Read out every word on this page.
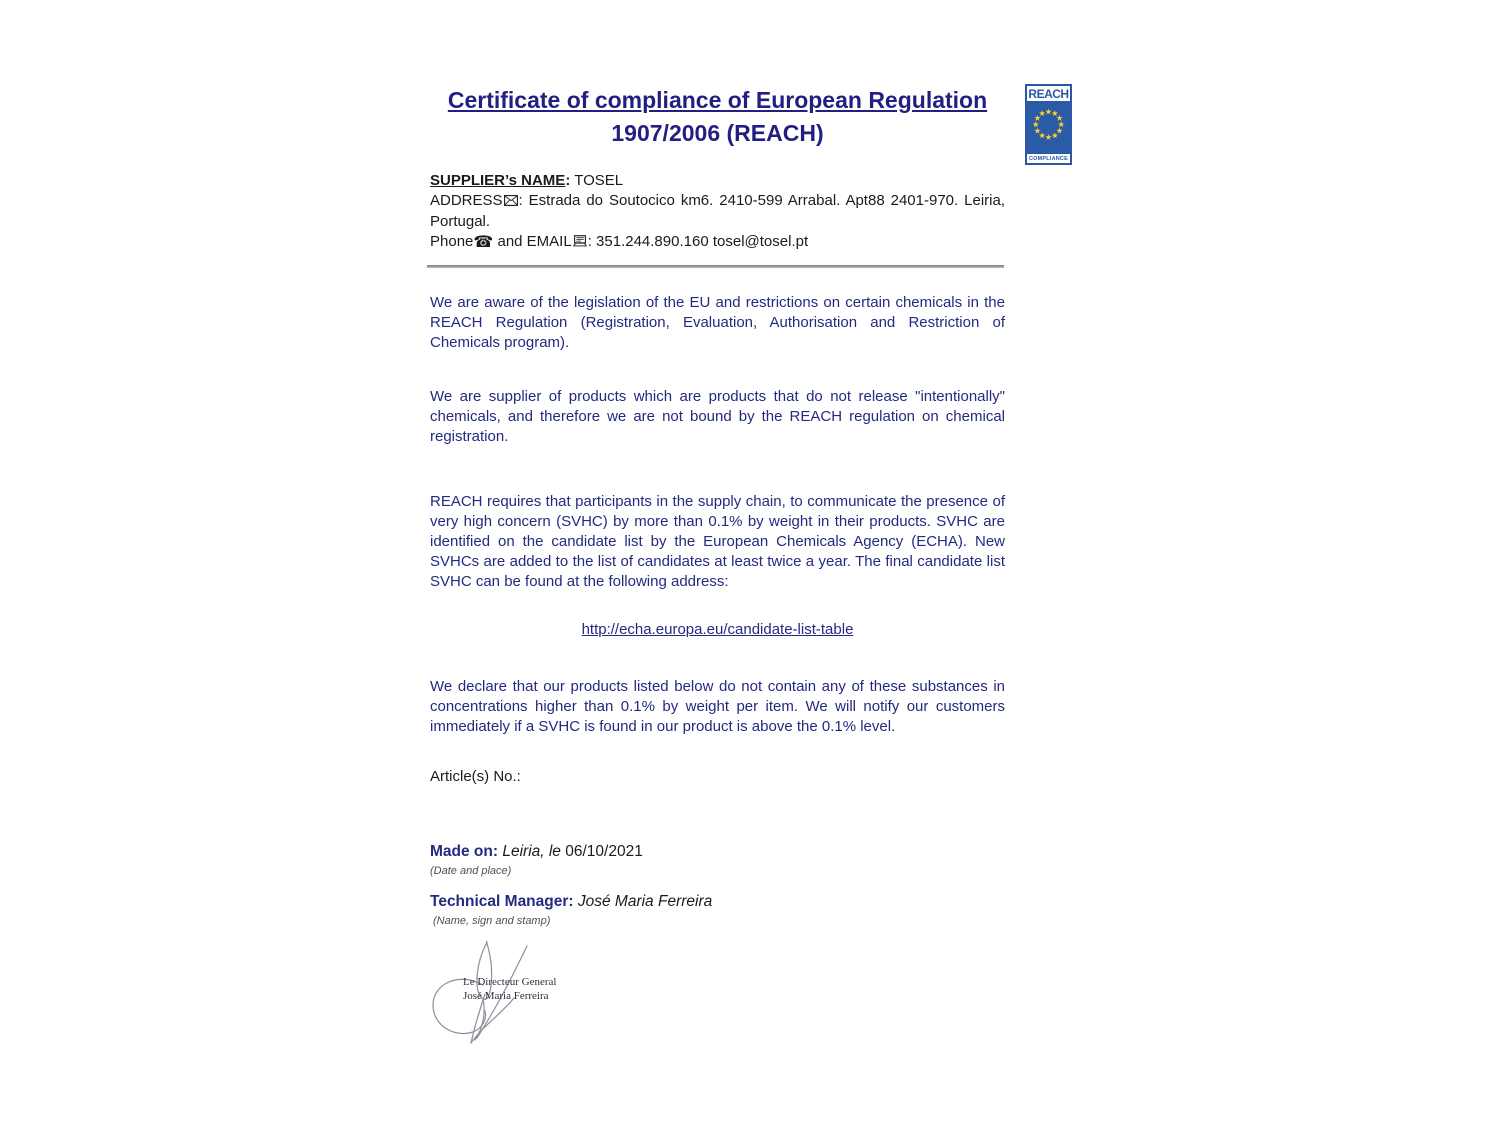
Certificate of compliance of European Regulation
1907/2006 (REACH)
REACH
COMPLIANCE
SUPPLIER’s NAME: TOSEL
ADDRESS : Estrada do Soutocico km6. 2410-599 Arrabal. Apt88 2401-970. Leiria, Portugal.
Phone☎ and EMAIL : 351.244.890.160 tosel@tosel.pt

We are aware of the legislation of the EU and restrictions on certain chemicals in the REACH Regulation (Registration, Evaluation, Authorisation and Restriction of Chemicals program).

We are supplier of products which are products that do not release "intentionally" chemicals, and therefore we are not bound by the REACH regulation on chemical registration.

REACH requires that participants in the supply chain, to communicate the presence of very high concern (SVHC) by more than 0.1% by weight in their products. SVHC are identified on the candidate list by the European Chemicals Agency (ECHA). New SVHCs are added to the list of candidates at least twice a year. The final candidate list SVHC can be found at the following address:

http://echa.europa.eu/candidate-list-table

We declare that our products listed below do not contain any of these substances in concentrations higher than 0.1% by weight per item. We will notify our customers immediately if a SVHC is found in our product is above the 0.1% level.

Article(s) No.:
Made on: Leiria, le 06/10/2021
(Date and place)
Technical Manager: José Maria Ferreira
(Name, sign and stamp)
Le Directeur General
José Maria Ferreira
